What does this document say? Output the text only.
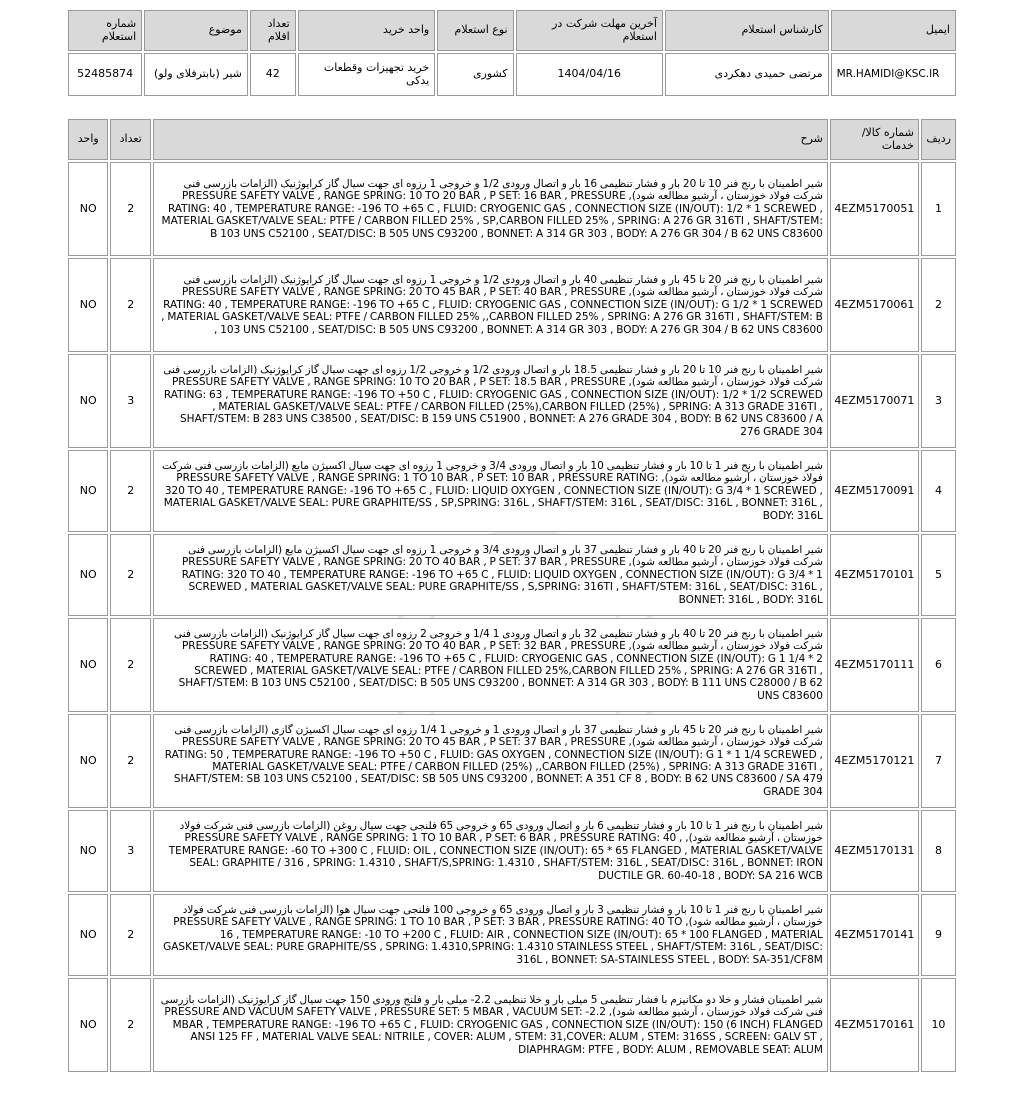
شماره استعلام	موضوع	تعداد اقلام	واحد خرید	نوع استعلام	آخرین مهلت شرکت در استعلام	کارشناس استعلام	ایمیل
52485874	شیر (بابترفلای ولو)	42	خرید تجهیزات وقطعات یدکی	کشوری	1404/04/16	مرتضی حمیدی دهکردی	MR.HAMIDI@KSC.IR
واحد	تعداد	شرح	شماره کالا/خدمات	ردیف
NO	2	شیر اطمینان با رنج فنر 10 تا 20 بار و فشار تنظیمی 16 بار و اتصال ورودی 1/2 و خروجی 1 رزوه ای جهت سیال گاز کرایوژنیک (الزامات بازرسی فنی شرکت فولاد خوزستان ، آرشیو مطالعه شود), PRESSURE SAFETY VALVE , RANGE SPRING: 10 TO 20 BAR , P SET: 16 BAR , PRESSURE RATING: 40 , TEMPERATURE RANGE: -196 TO +65 C , FLUID: CRYOGENIC GAS , CONNECTION SIZE (IN/OUT): 1/2 * 1 SCREWED , MATERIAL GASKET/VALVE SEAL: PTFE / CARBON FILLED 25% , SP,CARBON FILLED 25% , SPRING: A 276 GR 316TI , SHAFT/STEM: B 103 UNS C52100 , SEAT/DISC: B 505 UNS C93200 , BONNET: A 314 GR 303 , BODY: A 276 GR 304 / B 62 UNS C83600	4EZM5170051	1
NO	2	شیر اطمینان با رنج فنر 20 تا 45 بار و فشار تنظیمی 40 بار و اتصال ورودی 1/2 و خروجی 1 رزوه ای جهت سیال گاز کرایوژنیک (الزامات بازرسی فنی شرکت فولاد خوزستان ، آرشیو مطالعه شود), PRESSURE SAFETY VALVE , RANGE SPRING: 20 TO 45 BAR , P SET: 40 BAR , PRESSURE RATING: 40 , TEMPERATURE RANGE: -196 TO +65 C , FLUID: CRYOGENIC GAS , CONNECTION SIZE (IN/OUT): G 1/2 * 1 SCREWED , MATERIAL GASKET/VALVE SEAL: PTFE / CARBON FILLED 25% ,,CARBON FILLED 25% , SPRING: A 276 GR 316TI , SHAFT/STEM: B 103 UNS C52100 , SEAT/DISC: B 505 UNS C93200 , BONNET: A 314 GR 303 , BODY: A 276 GR 304 / B 62 UNS C83600 ,	4EZM5170061	2
NO	3	شیر اطمینان با رنج فنر 10 تا 20 بار و فشار تنظیمی 18.5 بار و اتصال ورودی 1/2 و خروجی 1/2 رزوه ای جهت سیال گاز کرایوژنیک (الزامات بازرسی فنی شرکت فولاد خوزستان ، آرشیو مطالعه شود), PRESSURE SAFETY VALVE , RANGE SPRING: 10 TO 20 BAR , P SET: 18.5 BAR , PRESSURE RATING: 63 , TEMPERATURE RANGE: -196 TO +50 C , FLUID: CRYOGENIC GAS , CONNECTION SIZE (IN/OUT): 1/2 * 1/2 SCREWED , MATERIAL GASKET/VALVE SEAL: PTFE / CARBON FILLED (25%),CARBON FILLED (25%) , SPRING: A 313 GRADE 316TI , SHAFT/STEM: B 283 UNS C38500 , SEAT/DISC: B 159 UNS C51900 , BONNET: A 276 GRADE 304 , BODY: B 62 UNS C83600 / A 276 GRADE 304	4EZM5170071	3
NO	2	شیر اطمینان با رنج فنر 1 تا 10 بار و فشار تنظیمی 10 بار و اتصال ورودی 3/4 و خروجی 1 رزوه ای جهت سیال اکسیژن مایع (الزامات بازرسی فنی شرکت فولاد خوزستان ، آرشیو مطالعه شود), PRESSURE SAFETY VALVE , RANGE SPRING: 1 TO 10 BAR , P SET: 10 BAR , PRESSURE RATING: 320 TO 40 , TEMPERATURE RANGE: -196 TO +65 C , FLUID: LIQUID OXYGEN , CONNECTION SIZE (IN/OUT): G 3/4 * 1 SCREWED , MATERIAL GASKET/VALVE SEAL: PURE GRAPHITE/SS , SP,SPRING: 316L , SHAFT/STEM: 316L , SEAT/DISC: 316L , BONNET: 316L , BODY: 316L	4EZM5170091	4
NO	2	شیر اطمینان با رنج فنر 20 تا 40 بار و فشار تنظیمی 37 بار و اتصال ورودی 3/4 و خروجی 1 رزوه ای جهت سیال اکسیژن مایع (الزامات بازرسی فنی شرکت فولاد خوزستان ، آرشیو مطالعه شود), PRESSURE SAFETY VALVE , RANGE SPRING: 20 TO 40 BAR , P SET: 37 BAR , PRESSURE RATING: 320 TO 40 , TEMPERATURE RANGE: -196 TO +65 C , FLUID: LIQUID OXYGEN , CONNECTION SIZE (IN/OUT): G 3/4 * 1 SCREWED , MATERIAL GASKET/VALVE SEAL: PURE GRAPHITE/SS , S,SPRING: 316TI , SHAFT/STEM: 316L , SEAT/DISC: 316L , BONNET: 316L , BODY: 316L	4EZM5170101	5
NO	2	شیر اطمینان با رنج فنر 20 تا 40 بار و فشار تنظیمی 32 بار و اتصال ورودی 1 1/4 و خروجی 2 رزوه ای جهت سیال گاز کرایوژنیک (الزامات بازرسی فنی شرکت فولاد خوزستان ، آرشیو مطالعه شود), PRESSURE SAFETY VALVE , RANGE SPRING: 20 TO 40 BAR , P SET: 32 BAR , PRESSURE RATING: 40 , TEMPERATURE RANGE: -196 TO +65 C , FLUID: CRYOGENIC GAS , CONNECTION SIZE (IN/OUT): G 1 1/4 * 2 SCREWED , MATERIAL GASKET/VALVE SEAL: PTFE / CARBON FILLED 25%,CARBON FILLED 25% , SPRING: A 276 GR 316TI , SHAFT/STEM: B 103 UNS C52100 , SEAT/DISC: B 505 UNS C93200 , BONNET: A 314 GR 303 , BODY: B 111 UNS C28000 / B 62 UNS C83600	4EZM5170111	6
NO	2	شیر اطمینان با رنج فنر 20 تا 45 بار و فشار تنظیمی 37 بار و اتصال ورودی 1 و خروجی 1 1/4 رزوه ای جهت سیال اکسیژن گازی (الزامات بازرسی فنی شرکت فولاد خوزستان ، آرشیو مطالعه شود), PRESSURE SAFETY VALVE , RANGE SPRING: 20 TO 45 BAR , P SET: 37 BAR , PRESSURE RATING: 50 , TEMPERATURE RANGE: -196 TO +50 C , FLUID: GAS OXYGEN , CONNECTION SIZE (IN/OUT): G 1 * 1 1/4 SCREWED , MATERIAL GASKET/VALVE SEAL: PTFE / CARBON FILLED (25%) ,,CARBON FILLED (25%) , SPRING: A 313 GRADE 316TI , SHAFT/STEM: SB 103 UNS C52100 , SEAT/DISC: SB 505 UNS C93200 , BONNET: A 351 CF 8 , BODY: B 62 UNS C83600 / SA 479 GRADE 304	4EZM5170121	7
NO	3	شیر اطمینان با رنج فنر 1 تا 10 بار و فشار تنظیمی 6 بار و اتصال ورودی 65 و خروجی 65 فلنجی جهت سیال روغن (الزامات بازرسی فنی شرکت فولاد خوزستان ، آرشیو مطالعه شود), PRESSURE SAFETY VALVE , RANGE SPRING: 1 TO 10 BAR , P SET: 6 BAR , PRESSURE RATING: 40 , TEMPERATURE RANGE: -60 TO +300 C , FLUID: OIL , CONNECTION SIZE (IN/OUT): 65 * 65 FLANGED , MATERIAL GASKET/VALVE SEAL: GRAPHITE / 316 , SPRING: 1.4310 , SHAFT/S,SPRING: 1.4310 , SHAFT/STEM: 316L , SEAT/DISC: 316L , BONNET: IRON DUCTILE GR. 60-40-18 , BODY: SA 216 WCB	4EZM5170131	8
NO	2	شیر اطمینان با رنج فنر 1 تا 10 بار و فشار تنظیمی 3 بار و اتصال ورودی 65 و خروجی 100 فلنجی جهت سیال هوا (الزامات بازرسی فنی شرکت فولاد خوزستان ، آرشیو مطالعه شود), PRESSURE SAFETY VALVE , RANGE SPRING: 1 TO 10 BAR , P SET: 3 BAR , PRESSURE RATING: 40 TO 16 , TEMPERATURE RANGE: -10 TO +200 C , FLUID: AIR , CONNECTION SIZE (IN/OUT): 65 * 100 FLANGED , MATERIAL GASKET/VALVE SEAL: PURE GRAPHITE/SS , SPRING: 1.4310,SPRING: 1.4310 STAINLESS STEEL , SHAFT/STEM: 316L , SEAT/DISC: 316L , BONNET: SA-STAINLESS STEEL , BODY: SA-351/CF8M	4EZM5170141	9
NO	2	شیر اطمینان فشار و خلا دو مکانیزم با فشار تنظیمی 5 میلی بار و خلا تنظیمی 2.2- میلی بار و فلنج ورودی 150 جهت سیال گاز کرایوژنیک (الزامات بازرسی فنی شرکت فولاد خوزستان ، آرشیو مطالعه شود), PRESSURE AND VACUUM SAFETY VALVE , PRESSURE SET: 5 MBAR , VACUUM SET: -2.2 MBAR , TEMPERATURE RANGE: -196 TO +65 C , FLUID: CRYOGENIC GAS , CONNECTION SIZE (IN/OUT): 150 (6 INCH) FLANGED ANSI 125 FF , MATERIAL VALVE SEAL: NITRILE , COVER: ALUM , STEM: 31,COVER: ALUM , STEM: 316SS , SCREEN: GALV ST , DIAPHRAGM: PTFE , BODY: ALUM , REMOVABLE SEAT: ALUM	4EZM5170161	10
